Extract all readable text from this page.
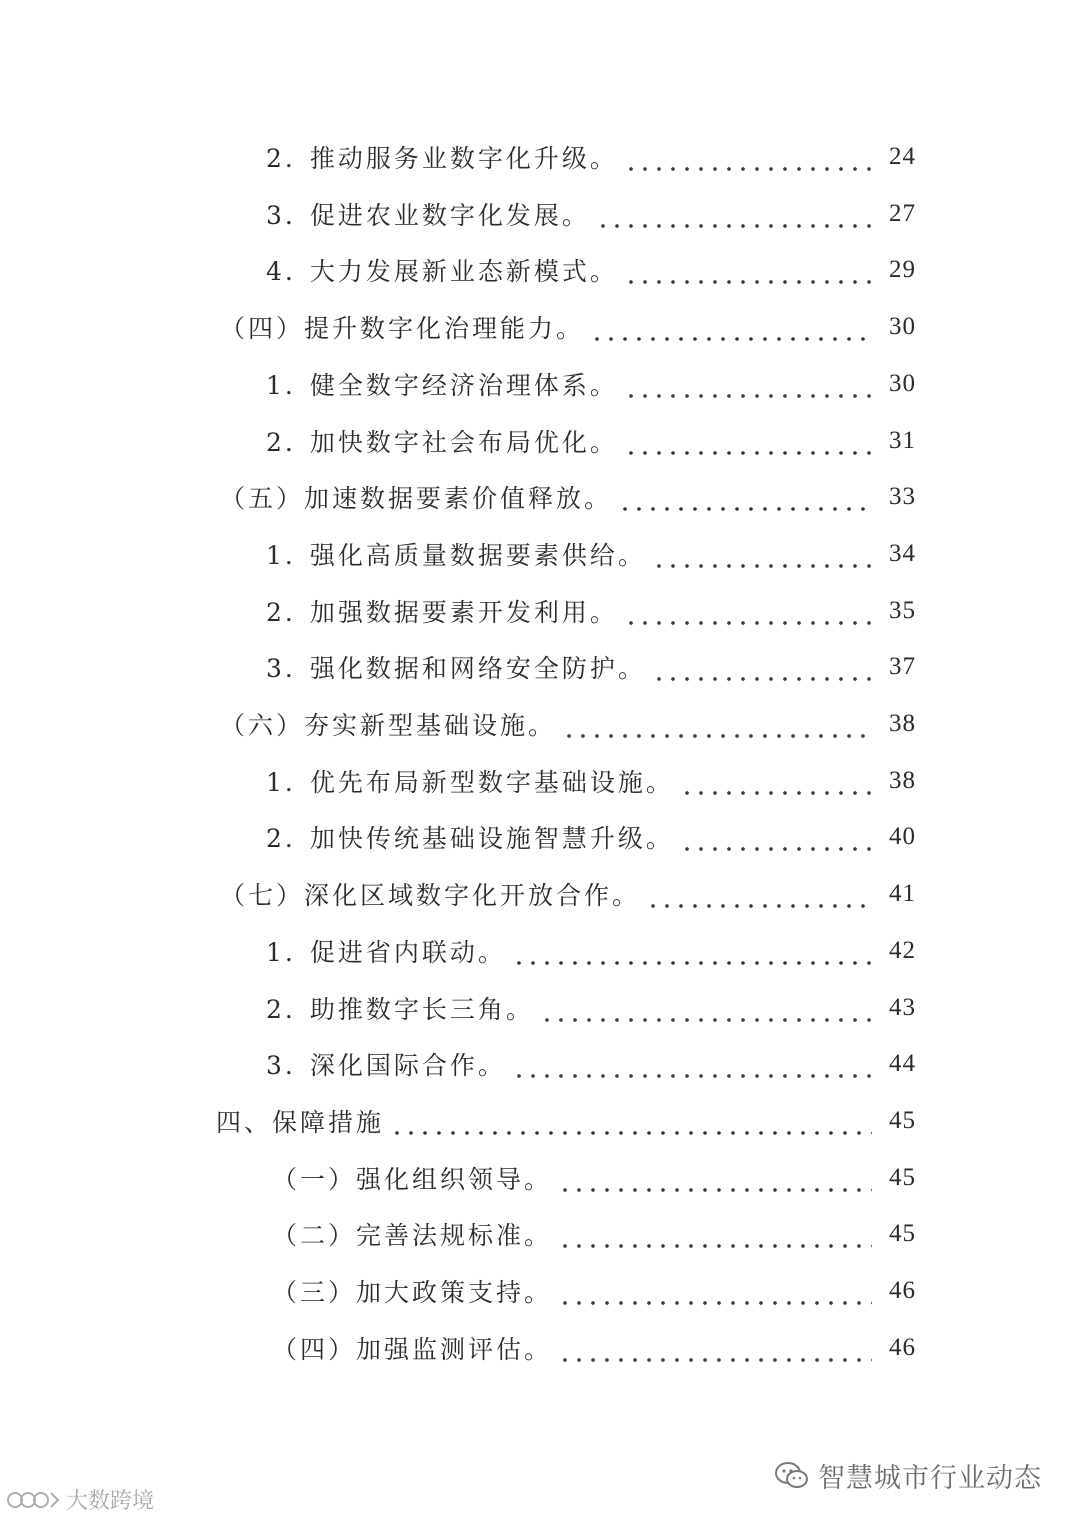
2. 推动服务业数字化升级。	24
3. 促进农业数字化发展。	27
4. 大力发展新业态新模式。	29
（四）提升数字化治理能力。	30
1. 健全数字经济治理体系。	30
2. 加快数字社会布局优化。	31
（五）加速数据要素价值释放。	33
1. 强化高质量数据要素供给。	34
2. 加强数据要素开发利用。	35
3. 强化数据和网络安全防护。	37
（六）夯实新型基础设施。	38
1. 优先布局新型数字基础设施。	38
2. 加快传统基础设施智慧升级。	40
（七）深化区域数字化开放合作。	41
1. 促进省内联动。	42
2. 助推数字长三角。	43
3. 深化国际合作。	44
四、保障措施	45
（一）强化组织领导。	45
（二）完善法规标准。	45
（三）加大政策支持。	46
（四）加强监测评估。	46
智慧城市行业动态
大数跨境
